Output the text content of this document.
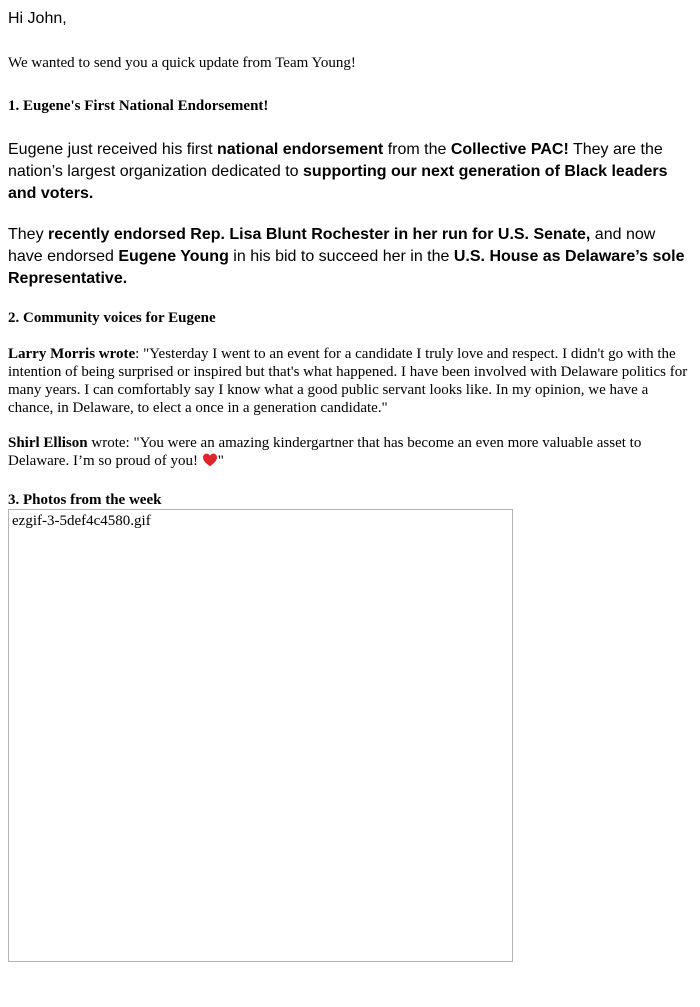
Hi John,

We wanted to send you a quick update from Team Young!

1. Eugene's First National Endorsement!

Eugene just received his first national endorsement from the Collective PAC! They are the nation’s largest organization dedicated to supporting our next generation of Black leaders and voters.

They recently endorsed Rep. Lisa Blunt Rochester in her run for U.S. Senate, and now have endorsed Eugene Young in his bid to succeed her in the U.S. House as Delaware’s sole Representative.

2. Community voices for Eugene

Larry Morris wrote: "Yesterday I went to an event for a candidate I truly love and respect. I didn't go with the intention of being surprised or inspired but that's what happened. I have been involved with Delaware politics for many years. I can comfortably say I know what a good public servant looks like. In my opinion, we have a chance, in Delaware, to elect a once in a generation candidate."

Shirl Ellison wrote: "You were an amazing kindergartner that has become an even more valuable asset to Delaware. I’m so proud of you! "

3. Photos from the week

ezgif-3-5def4c4580.gif
